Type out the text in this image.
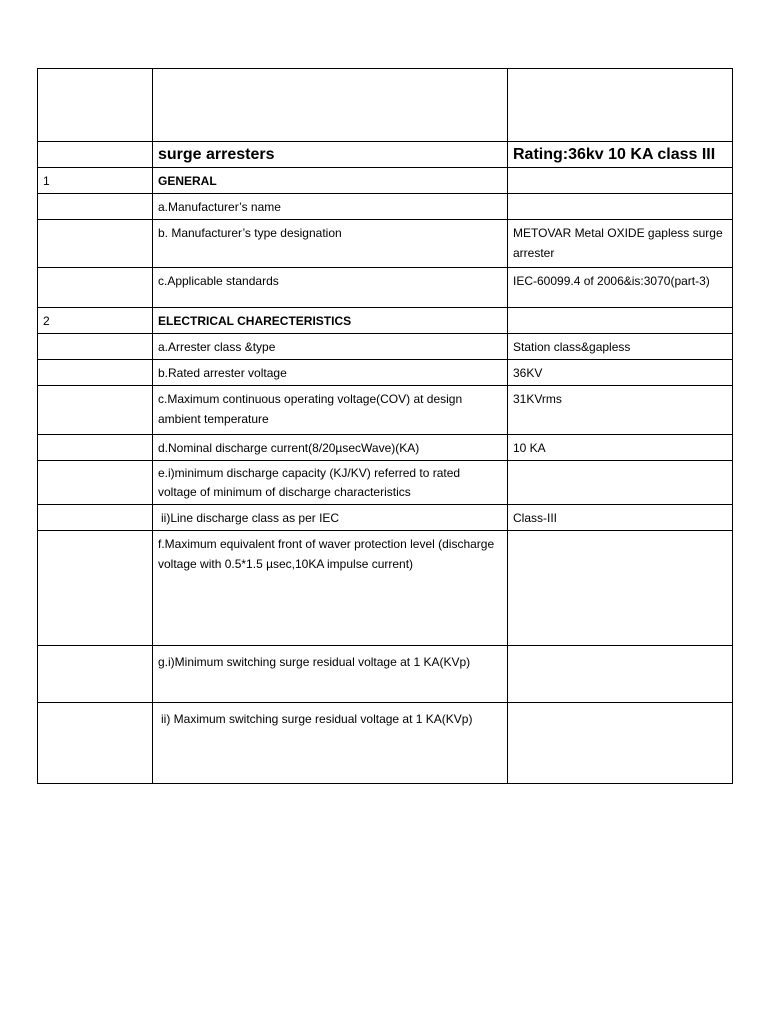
	surge arresters	Rating:36kv 10 KA class III
1	GENERAL	
	a.Manufacturer’s name	
	b. Manufacturer’s type designation	METOVAR Metal OXIDE gapless surge arrester
	c.Applicable standards	IEC-60099.4 of 2006&is:3070(part-3)
2	ELECTRICAL CHARECTERISTICS	
	a.Arrester class &type	Station class&gapless
	b.Rated arrester voltage	36KV
	c.Maximum continuous operating voltage(COV) at design ambient temperature	31KVrms
	d.Nominal discharge current(8/20µsecWave)(KA)	10 KA
	e.i)minimum discharge capacity (KJ/KV) referred to rated voltage of minimum of discharge characteristics	
	ii)Line discharge class as per IEC	Class-III
	f.Maximum equivalent front of waver protection level (discharge voltage with 0.5*1.5 µsec,10KA impulse current)	
	g.i)Minimum switching surge residual voltage at 1 KA(KVp)	
	ii) Maximum switching surge residual voltage at 1 KA(KVp)	
